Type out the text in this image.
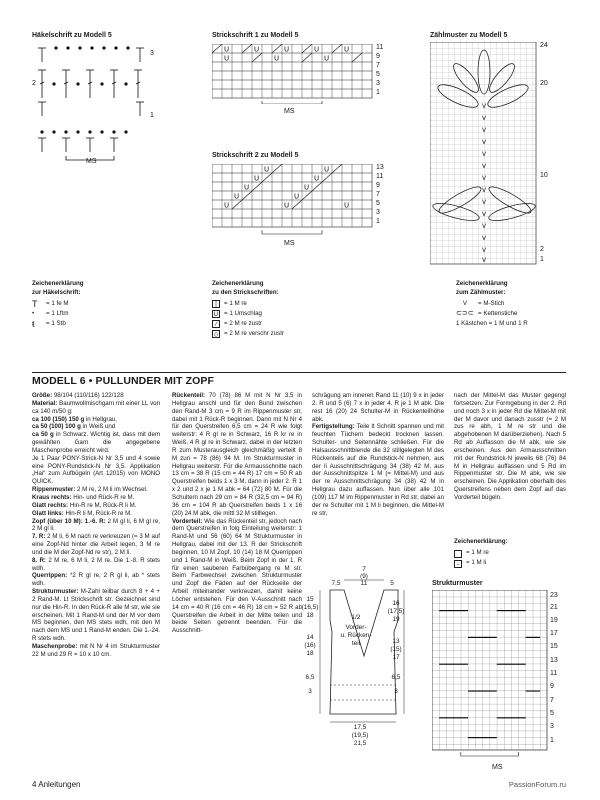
Häkelschrift zu Modell 5
3
2
1
MS
Strickschrift 1 zu Modell 5
U	U	U	U	U
U	U	U
11
9
7
5
3
1
MS
Strickschrift 2 zu Modell 5
U	U
U	U
U	U
U	U
U	U	U
13
11
9
7
5
3
1
MS
Zählmuster zu Modell 5
V
V
V
V
V
V
V
V
V
V
V
V
V
V
24
20
10
2
1
Zeichenerklärung
zur Häkelschrift:
T	= 1 fe M
•	= 1 Lftm
ŧ	= 1 Stb
Zeichenerklärung
zu den Strickschriften:
|	= 1 M re
U = 1 Umschlag
⁄	= 2 M re zustr
◇ = 2 M re verschr zustr
Zeichenerklärung
zum Zählmuster:
V	= M-Stich
⊂⊃⊂ = Kettenstiche
1 Kästchen = 1 M und 1 R
MODELL 6 • PULLUNDER MIT ZOPF
Größe: 98/104 (110/116) 122/128
Material: Baumwollmischgarn mit einer LL von ca 140 m/50 g:
ca 100 (150) 150 g in Hellgrau,
ca 50 (100) 100 g in Weiß und
ca 50 g in Schwarz. Wichtig ist, dass mit dem gewählten Garn die angegebene Maschenprobe erreicht wird.
Je 1 Paar PONY-Strick-N Nr 3,5 und 4 sowie eine PONY-Rundstick-N Nr 3,5. Applikation „Hai“ zum Aufbügeln (Art 12015) von MONO QUICK.
Rippenmuster: 2 M re, 2 M li im Wechsel.
Kraus rechts: Hin- und Rück-R re M.
Glatt rechts: Hin-R re M, Rück-R li M.
Glatt links: Hin-R li M, Rück-R re M.
Zopf (über 10 M): 1.-6. R: 2 M gl li, 6 M gl re, 2 M gl li.
7. R: 2 M li, 6 M nach re verkreuzen (= 3 M auf eine Zopf-Nd hinter die Arbeit legen, 3 M re und die M der Zopf-Nd re str), 2 M li.
8. R: 2 M re, 6 M li, 2 M re. Die 1.-8. R stets wdh.
Querrippen: *2 R gl re, 2 R gl li, ab * stets wdh.
Strukturmuster: M-Zahl teilbar durch 8 + 4 + 2 Rand-M. Lt Strickschrift str. Gezeichnet sind nur die Hin-R. In den Rück-R alle M str, wie sie erscheinen. Mit 1 Rand-M und der M vor dem MS beginnen, den MS stets wdh, mit den M nach dem MS und 1 Rand-M enden. Die 1.-24. R stets wdh.
Maschenprobe: mit N Nr 4 im Strukturmuster 22 M und 29 R = 10 x 10 cm.
Rückenteil: 70 (78) 86 M mit N Nr 3,5 in Hellgrau anschl und für den Bund zwischen den Rand-M 3 cm = 9 R im Rippenmuster str, dabei mit 1 Rück-R beginnen. Dann mit N Nr 4 für den Querstreifen 6,5 cm = 24 R wie folgt weiterstr: 4 R gl re in Schwarz, 16 R kr re in Weiß, 4 R gl re in Schwarz, dabei in der letzten R zum Musterausgleich gleichmäßig verteilt 8 M zun = 78 (86) 94 M. Im Strukturmuster in Hellgrau weiterstr. Für die Armausschnitte nach 13 cm = 38 R (15 cm = 44 R) 17 cm = 50 R ab Querstreifen beids 1 x 3 M, dann in jeder 2. R 1 x 2 und 2 x je 1 M abk = 64 (72) 80 M. Für die Schultern nach 29 cm = 84 R (32,5 cm = 94 R) 36 cm = 104 R ab Querstreifen beids 1 x 16 (20) 24 M abk, die mittl 32 M stilllegen.
Vorderteil: Wie das Rückenteil str, jedoch nach dem Querstreifen in folg Einteilung weiterstr: 1 Rand-M und 56 (60) 64 M Strukturmuster in Hellgrau, dabei mit der 13. R der Strickschrift beginnen, 10 M Zopf, 10 (14) 18 M Querrippen und 1 Rand-M in Weiß. Beim Zopf in der 1. R für einen sauberen Farbübergang re M str. Beim Farbwechsel zwischen Strukturmuster und Zopf die Fäden auf der Rückseite der Arbeit miteinander verkreuzen, damit keine Löcher entstehen. Für den V-Ausschnitt nach 14 cm = 40 R (16 cm = 46 R) 18 cm = 52 R ab Querstreifen die Arbeit in der Mitte teilen und beide Seiten getrennt beenden. Für die Ausschnitt-
schrägung am inneren Rand 11 (10) 9 x in jeder 2. R und 5 (6) 7 x in jeder 4. R je 1 M abk. Die rest 16 (20) 24 Schulter-M in Rückenteilhöhe abk.
Fertigstellung: Teile lt Schnitt spannen und mit feuchten Tüchern bedeckt trocknen lassen. Schulter- und Seitennähte schließen. Für die Halsausschnittblende die 32 stillgelegten M des Rückenteils auf die Rundstick-N nehmen, aus der li Ausschnittschrägung 34 (38) 42 M, aus der Ausschnittspitze 1 M (= Mittel-M) und aus der re Ausschnittschrägung 34 (38) 42 M in Hellgrau dazu auffassen. Nun über alle 101 (109) 117 M im Rippenmuster in Rd str, dabei an der re Schulter mit 1 M li beginnen, die Mittel-M re str,
nach der Mittel-M das Muster gegengl fortsetzen. Zur Formgebung in der 2. Rd und noch 3 x in jeder Rd die Mittel-M mit der M davor und danach zusstr (= 2 M zus re abh, 1 M re str und die abgehobenen M darüberziehen). Nach 5 Rd ab Auffasson die M abk, wie sie erscheinen. Aus den Armausschnitten mit der Rundstrick-N jeweils 68 (76) 84 M in Hellgrau auffassen und 5 Rd im Rippenmuster str. Die M abk, wie sie erscheinen. Die Applikation oberhalb des Querstreifens neben dem Zopf auf das Vorderteil bügeln.
Zeichenerklärung:
= 1 M re
–	= 1 M li
Strukturmuster
23
21
19
17
15
13
11
9
7
5
3
1
MS
7
(9)
11
7,5	5
1/2
Vorder-
u. Rücken-
teil
15
(16,5)
18
14
(16)
18
6,5
3
16
(17,5)
19
13
(15)
17
6,5
3
17,5
(19,5)
21,5
4 Anleitungen	PassionForum.ru
